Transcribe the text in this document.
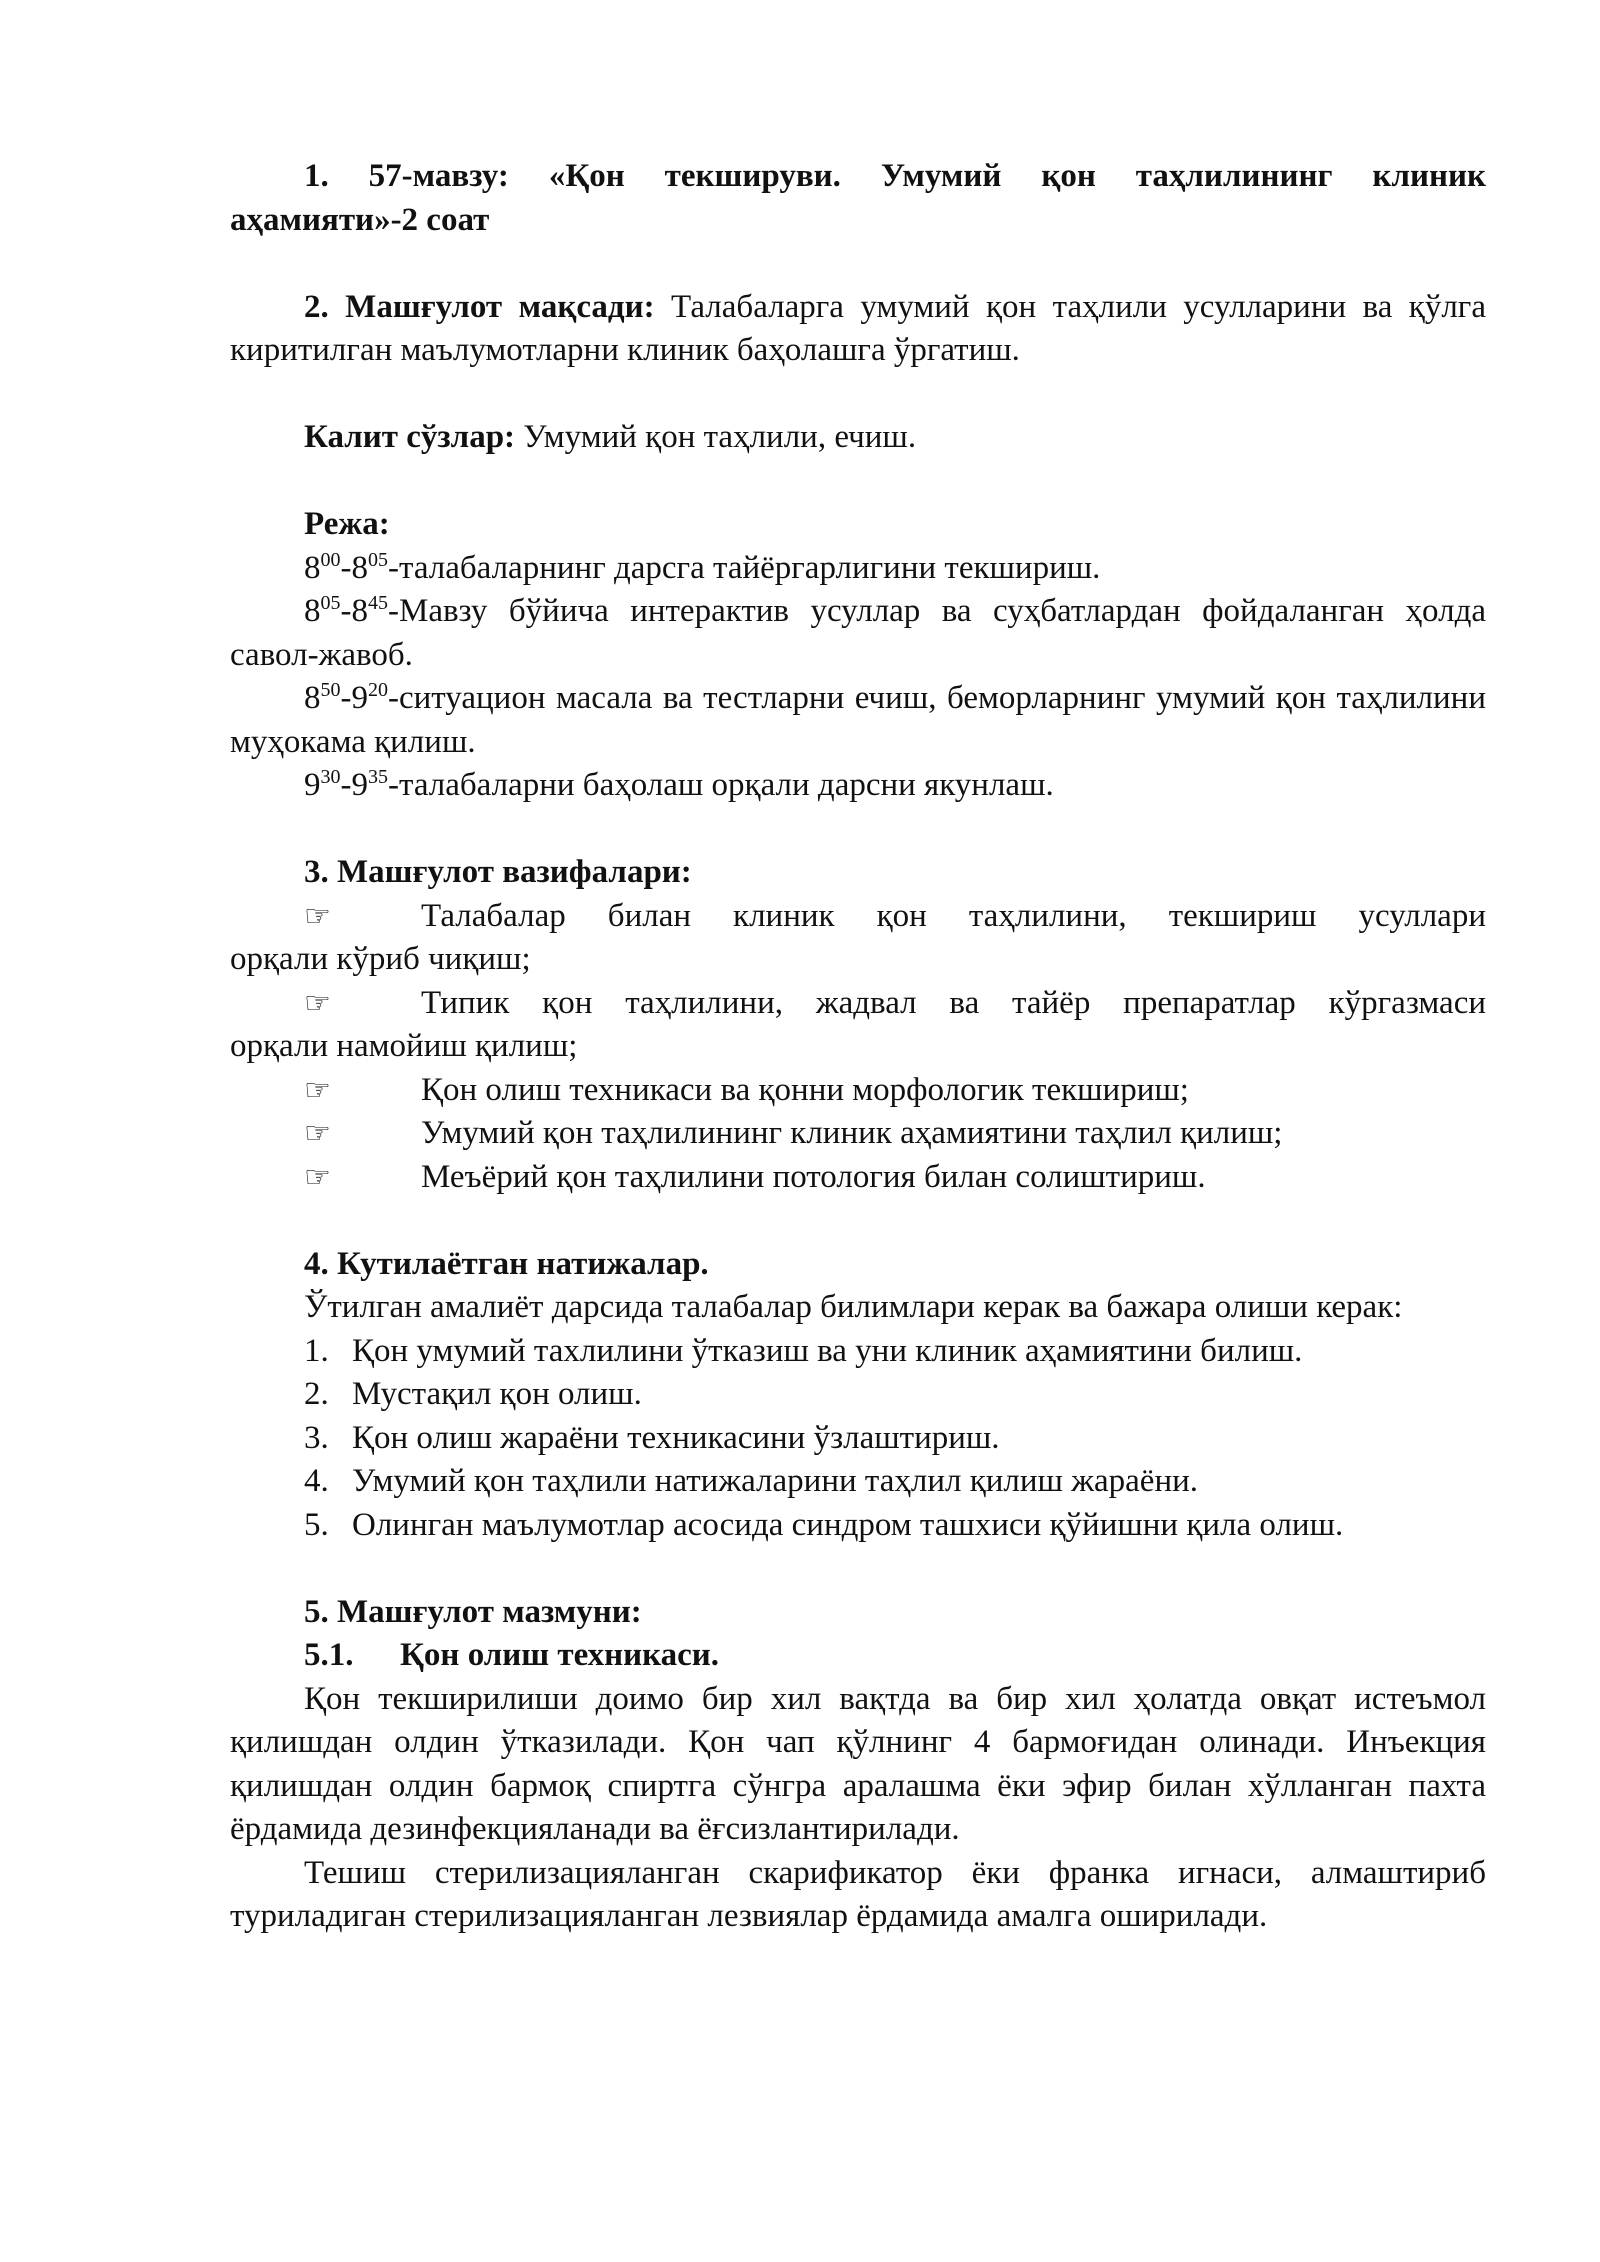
1. 57-мавзу: «Қон текшируви. Умумий қон таҳлилининг клиник

аҳамияти»-2 соат

2. Машғулот мақсади: Талабаларга умумий қон таҳлили усулларини ва қўлга киритилган маълумотларни клиник баҳолашга ўргатиш.

Калит сўзлар: Умумий қон таҳлили, ечиш.

Режа:

$8^{00}-8^{05}$-талабаларнинг дарсга тайёргарлигини текшириш.

$8^{05}-8^{45}$-Мавзу бўйича интерактив усуллар ва суҳбатлардан фойдаланган ҳолда савол-жавоб.

$8^{50}-9^{20}$-ситуацион масала ва тестларни ечиш, беморларнинг умумий қон таҳлилини муҳокама қилиш.

$9^{30}-9^{35}$-талабаларни баҳолаш орқали дарсни якунлаш.

3. Машғулот вазифалари:

☞	Талабалар билан клиник қон таҳлилини, текшириш усуллари

орқали кўриб чиқиш;

☞	Типик қон таҳлилини, жадвал ва тайёр препаратлар кўргазмаси

орқали намойиш қилиш;

☞	Қон олиш техникаси ва қонни морфологик текшириш;
☞	Умумий қон таҳлилининг клиник аҳамиятини таҳлил қилиш;
☞	Меъёрий қон таҳлилини потология билан солиштириш.

4. Кутилаётган натижалар.

Ўтилган амалиёт дарсида талабалар билимлари керак ва бажара олиши керак:

1. Қон умумий тахлилини ўтказиш ва уни клиник аҳамиятини билиш.
2. Мустақил қон олиш.
3. Қон олиш жараёни техникасини ўзлаштириш.
4. Умумий қон таҳлили натижаларини таҳлил қилиш жараёни.
5. Олинган маълумотлар асосида синдром ташхиси қўйишни қила олиш.

5. Машғулот мазмуни:

5.1.	Қон олиш техникаси.

Қон текширилиши доимо бир хил вақтда ва бир хил ҳолатда овқат истеъмол қилишдан олдин ўтказилади. Қон чап қўлнинг 4 бармоғидан олинади. Инъекция қилишдан олдин бармоқ спиртга сўнгра аралашма ёки эфир билан хўлланган пахта ёрдамида дезинфекцияланади ва ёғсизлантирилади.

Тешиш стерилизацияланган скарификатор ёки франка игнаси, алмаштириб туриладиган стерилизацияланган лезвиялар ёрдамида амалга оширилади.
